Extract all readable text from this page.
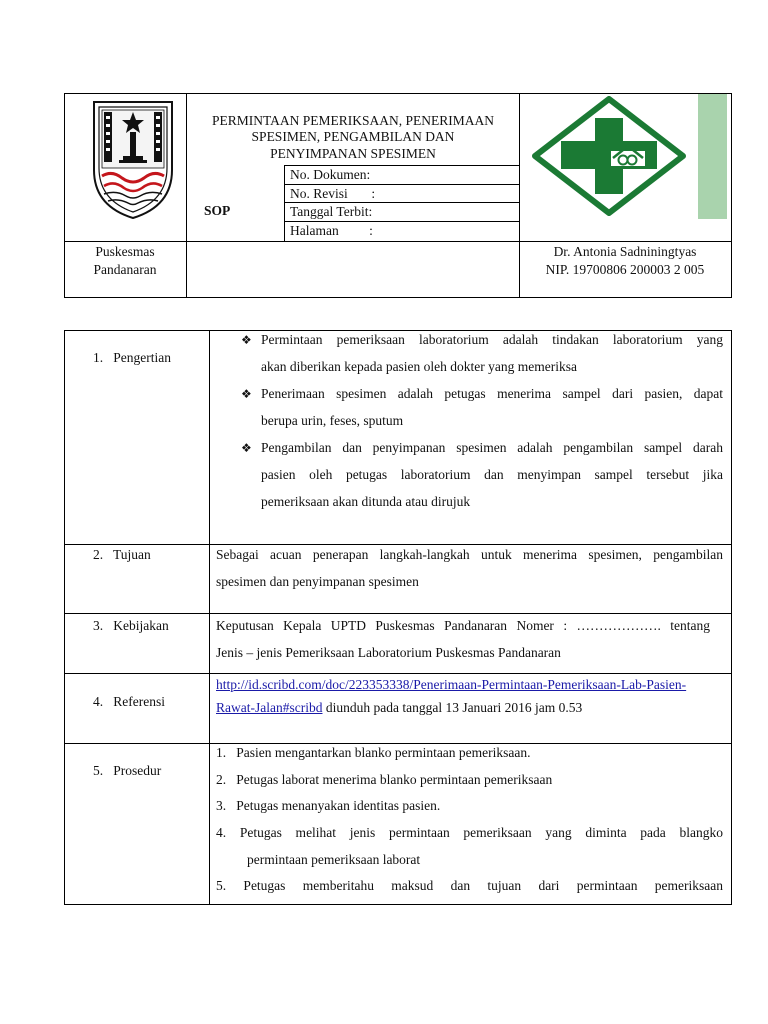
PERMINTAAN PEMERIKSAAN, PENERIMAAN
SPESIMEN, PENGAMBILAN DAN
PENYIMPANAN SPESIMEN
SOP
No. Dokumen:
No. Revisi       :
Tanggal Terbit:
Halaman         :
Puskesmas
Pandanaran
Dr. Antonia Sadniningtyas
NIP. 19700806 200003 2 005
1.   Pengertian
❖ Permintaan pemeriksaan laboratorium adalah tindakan laboratorium yang
akan diberikan kepada pasien oleh dokter yang memeriksa
❖ Penerimaan spesimen adalah petugas menerima sampel dari pasien, dapat
berupa urin, feses, sputum
❖ Pengambilan dan penyimpanan spesimen adalah pengambilan sampel darah
pasien oleh petugas laboratorium dan menyimpan sampel tersebut jika
pemeriksaan akan ditunda atau dirujuk
2.   Tujuan	Sebagai acuan penerapan langkah-langkah untuk menerima spesimen, pengambilan
spesimen dan penyimpanan spesimen
3.   Kebijakan	Keputusan Kepala UPTD Puskesmas Pandanaran Nomer : ………………. tentang
Jenis – jenis Pemeriksaan Laboratorium Puskesmas Pandanaran
4.   Referensi
http://id.scribd.com/doc/223353338/Penerimaan-Permintaan-Pemeriksaan-Lab-Pasien-
Rawat-Jalan#scribd diunduh pada tanggal 13 Januari 2016 jam 0.53
5.   Prosedur
1.   Pasien mengantarkan blanko permintaan pemeriksaan.
2.   Petugas laborat menerima blanko permintaan pemeriksaan
3.   Petugas menanyakan identitas pasien.
4. Petugas melihat jenis permintaan pemeriksaan yang diminta pada blangko
permintaan pemeriksaan laborat
5. Petugas memberitahu maksud dan tujuan dari permintaan pemeriksaan
